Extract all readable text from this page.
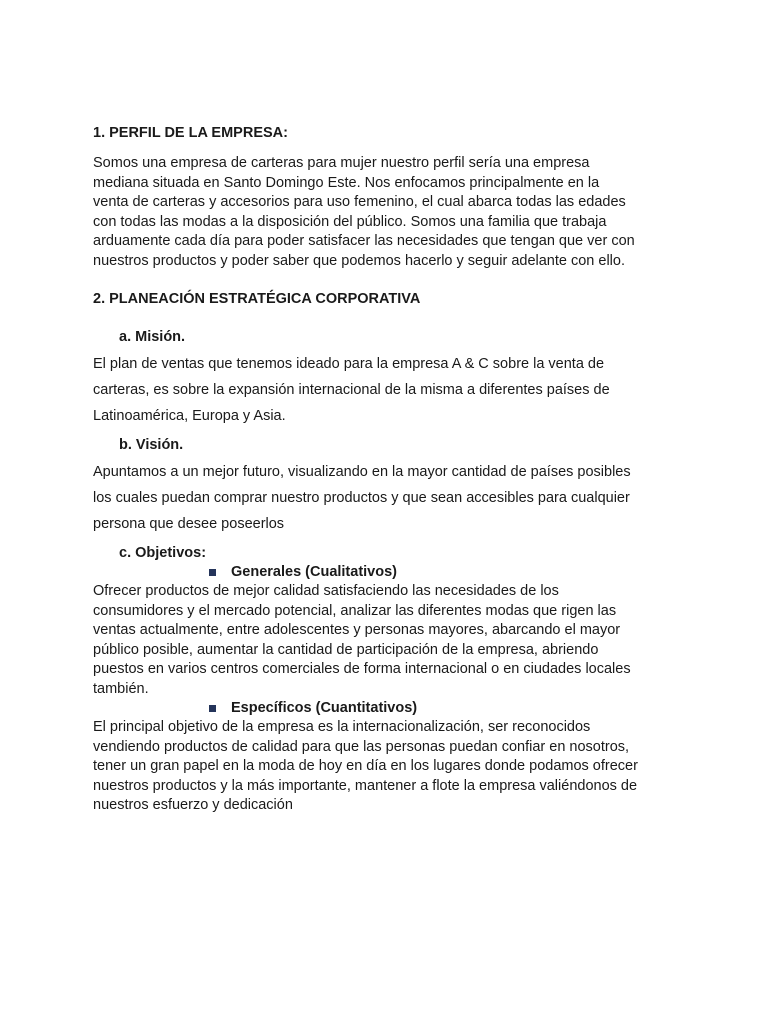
1. PERFIL DE LA EMPRESA:

Somos una empresa de carteras para mujer nuestro perfil sería una empresa
mediana situada en Santo Domingo Este. Nos enfocamos principalmente en la
venta de carteras y accesorios para uso femenino, el cual abarca todas las edades
con todas las modas a la disposición del público. Somos una familia que trabaja
arduamente cada día para poder satisfacer las necesidades que tengan que ver con
nuestros productos y poder saber que podemos hacerlo y seguir adelante con ello.

2. PLANEACIÓN ESTRATÉGICA CORPORATIVA

a. Misión.

El plan de ventas que tenemos ideado para la empresa A & C sobre la venta de
carteras, es sobre la expansión internacional de la misma a diferentes países de
Latinoamérica, Europa y Asia.

b. Visión.

Apuntamos a un mejor futuro, visualizando en la mayor cantidad de países posibles
los cuales puedan comprar nuestro productos y que sean accesibles para cualquier
persona que desee poseerlos

c. Objetivos:

Generales (Cualitativos)
Ofrecer productos de mejor calidad satisfaciendo las necesidades de los
consumidores y el mercado potencial, analizar las diferentes modas que rigen las
ventas actualmente, entre adolescentes y personas mayores, abarcando el mayor
público posible, aumentar la cantidad de participación de la empresa, abriendo
puestos en varios centros comerciales de forma internacional o en ciudades locales
también.
Específicos (Cuantitativos)
El principal objetivo de la empresa es la internacionalización, ser reconocidos
vendiendo productos de calidad para que las personas puedan confiar en nosotros,
tener un gran papel en la moda de hoy en día en los lugares donde podamos ofrecer
nuestros productos y la más importante, mantener a flote la empresa valiéndonos de
nuestros esfuerzo y dedicación
